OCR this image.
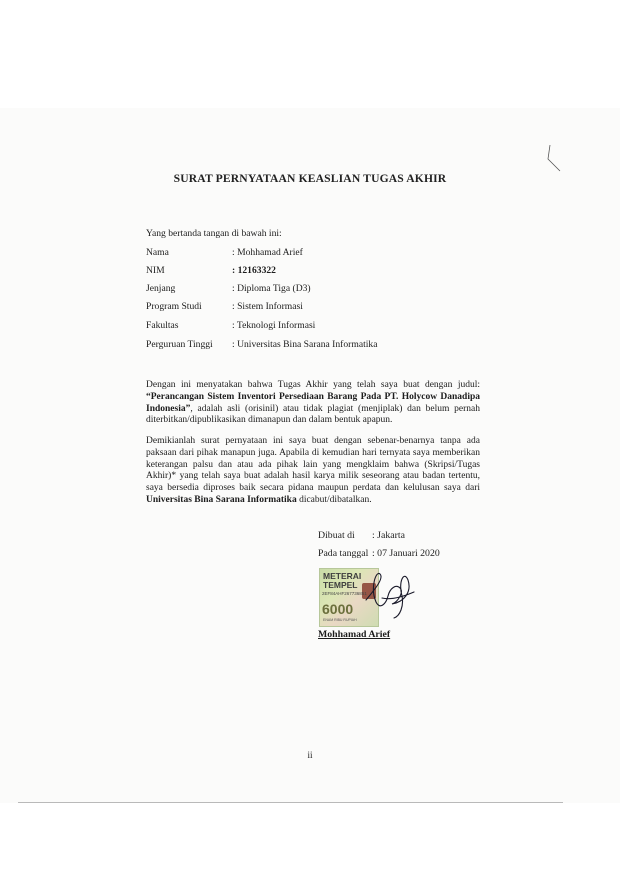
SURAT PERNYATAAN KEASLIAN TUGAS AKHIR
Yang bertanda tangan di bawah ini:
Nama	: Mohhamad Arief
NIM	: 12163322
Jenjang	: Diploma Tiga (D3)
Program Studi	: Sistem Informasi
Fakultas	: Teknologi Informasi
Perguruan Tinggi : Universitas Bina Sarana Informatika
Dengan ini menyatakan bahwa Tugas Akhir yang telah saya buat dengan judul: “Perancangan Sistem Inventori Persediaan Barang Pada PT. Holycow Danadipa Indonesia”, adalah asli (orisinil) atau tidak plagiat (menjiplak) dan belum pernah diterbitkan/dipublikasikan dimanapun dan dalam bentuk apapun.
Demikianlah surat pernyataan ini saya buat dengan sebenar-benarnya tanpa ada paksaan dari pihak manapun juga. Apabila di kemudian hari ternyata saya memberikan keterangan palsu dan atau ada pihak lain yang mengklaim bahwa (Skripsi/Tugas Akhir)* yang telah saya buat adalah hasil karya milik seseorang atau badan tertentu, saya bersedia diproses baik secara pidana maupun perdata dan kelulusan saya dari Universitas Bina Sarana Informatika dicabut/dibatalkan.
Dibuat di : Jakarta
Pada tanggal : 07 Januari 2020
METERAI
TEMPEL
2EF84AHF267736851
6000
ENAM RIBU RUPIAH
Mohhamad Arief
ii
